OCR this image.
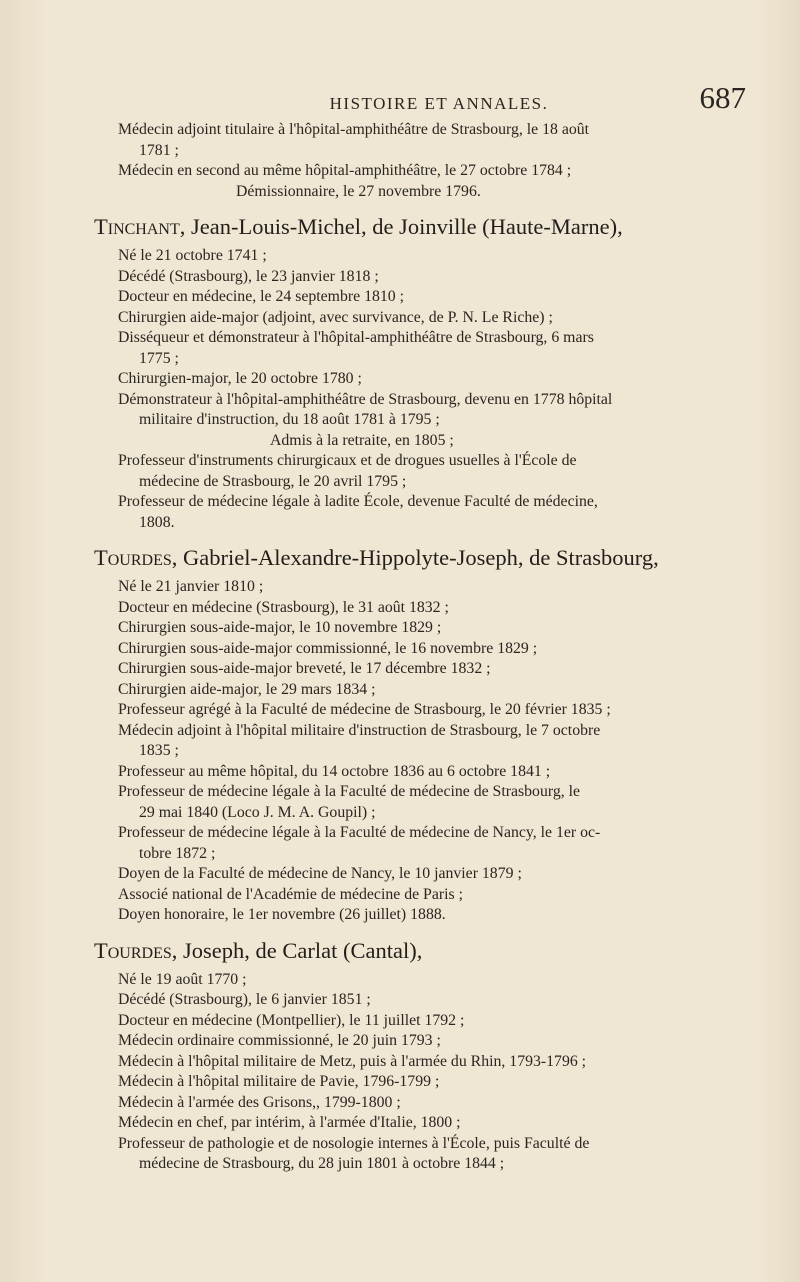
HISTOIRE ET ANNALES.	687
Médecin adjoint titulaire à l'hôpital-amphithéâtre de Strasbourg, le 18 août
1781 ;
Médecin en second au même hôpital-amphithéâtre, le 27 octobre 1784 ;
Démissionnaire, le 27 novembre 1796.
Tinchant, Jean-Louis-Michel, de Joinville (Haute-Marne),
Né le 21 octobre 1741 ;
Décédé (Strasbourg), le 23 janvier 1818 ;
Docteur en médecine, le 24 septembre 1810 ;
Chirurgien aide-major (adjoint, avec survivance, de P. N. Le Riche) ;
Disséqueur et démonstrateur à l'hôpital-amphithéâtre de Strasbourg, 6 mars
1775 ;
Chirurgien-major, le 20 octobre 1780 ;
Démonstrateur à l'hôpital-amphithéâtre de Strasbourg, devenu en 1778 hôpital
militaire d'instruction, du 18 août 1781 à 1795 ;
Admis à la retraite, en 1805 ;
Professeur d'instruments chirurgicaux et de drogues usuelles à l'École de
médecine de Strasbourg, le 20 avril 1795 ;
Professeur de médecine légale à ladite École, devenue Faculté de médecine,
1808.
Tourdes, Gabriel-Alexandre-Hippolyte-Joseph, de Strasbourg,
Né le 21 janvier 1810 ;
Docteur en médecine (Strasbourg), le 31 août 1832 ;
Chirurgien sous-aide-major, le 10 novembre 1829 ;
Chirurgien sous-aide-major commissionné, le 16 novembre 1829 ;
Chirurgien sous-aide-major breveté, le 17 décembre 1832 ;
Chirurgien aide-major, le 29 mars 1834 ;
Professeur agrégé à la Faculté de médecine de Strasbourg, le 20 février 1835 ;
Médecin adjoint à l'hôpital militaire d'instruction de Strasbourg, le 7 octobre
1835 ;
Professeur au même hôpital, du 14 octobre 1836 au 6 octobre 1841 ;
Professeur de médecine légale à la Faculté de médecine de Strasbourg, le
29 mai 1840 (Loco J. M. A. Goupil) ;
Professeur de médecine légale à la Faculté de médecine de Nancy, le 1er oc-
tobre 1872 ;
Doyen de la Faculté de médecine de Nancy, le 10 janvier 1879 ;
Associé national de l'Académie de médecine de Paris ;
Doyen honoraire, le 1er novembre (26 juillet) 1888.
Tourdes, Joseph, de Carlat (Cantal),
Né le 19 août 1770 ;
Décédé (Strasbourg), le 6 janvier 1851 ;
Docteur en médecine (Montpellier), le 11 juillet 1792 ;
Médecin ordinaire commissionné, le 20 juin 1793 ;
Médecin à l'hôpital militaire de Metz, puis à l'armée du Rhin, 1793-1796 ;
Médecin à l'hôpital militaire de Pavie, 1796-1799 ;
Médecin à l'armée des Grisons,, 1799-1800 ;
Médecin en chef, par intérim, à l'armée d'Italie, 1800 ;
Professeur de pathologie et de nosologie internes à l'École, puis Faculté de
médecine de Strasbourg, du 28 juin 1801 à octobre 1844 ;
